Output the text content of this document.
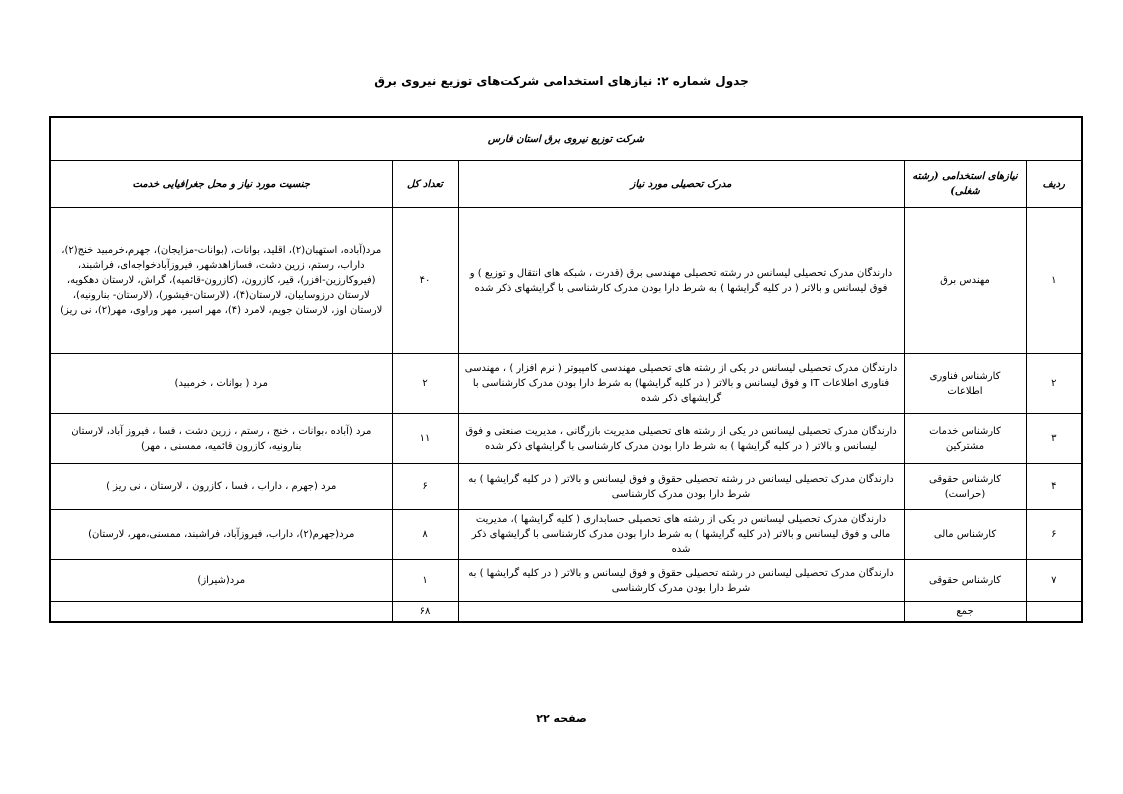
جدول شماره ۲: نیازهای استخدامی شرکت‌های توزیع نیروی برق
شرکت توزیع نیروی برق استان فارس				
ردیف	نیازهای استخدامی (رشته شغلی)	مدرک تحصیلی مورد نیاز	تعداد کل	جنسیت مورد نیاز و محل جغرافیایی خدمت
۱	مهندس برق	دارندگان مدرک تحصیلی لیسانس در رشته تحصیلی مهندسی برق (قدرت ، شبکه های انتقال و توزیع ) و فوق لیسانس و بالاتر ( در کلیه گرایشها ) به شرط دارا بودن مدرک کارشناسی با گرایشهای ذکر شده	۴۰	مرد(آباده، استهبان(۲)، اقلید، بوانات، (بوانات-مزایجان)، جهرم،خرمبید خنج(۲)، داراب، رستم، زرین دشت، فسازاهدشهر، فیروزآبادخواجه‌ای، فراشبند، (فیروکارزین-افزر)، قیر، کازرون، (کازرون-قائمیه)، گراش، لارستان دهکویه، لارستان درزوسایبان، لارستان(۴)، (لارستان-فیشور)، (لارستان- بنارونیه)، لارستان اوز، لارستان جویم، لامرد (۴)، مهر اسیر، مهر وراوی، مهر(۲)، نی ریز)
۲	کارشناس فناوری اطلاعات	دارندگان مدرک تحصیلی لیسانس در یکی از رشته های تحصیلی مهندسی کامپیوتر ( نرم افزار ) ، مهندسی فناوری اطلاعات IT و فوق لیسانس و بالاتر ( در کلیه گرایشها) به شرط دارا بودن مدرک کارشناسی با گرایشهای ذکر شده	۲	مرد ( بوانات ، خرمبید)
۳	کارشناس خدمات مشترکین	دارندگان مدرک تحصیلی لیسانس در یکی از رشته های تحصیلی مدیریت بازرگانی ، مدیریت صنعتی و فوق لیسانس و بالاتر ( در کلیه گرایشها ) به شرط دارا بودن مدرک کارشناسی با گرایشهای ذکر شده	۱۱	مرد (آباده ،بوانات ، خنج ، رستم ، زرین دشت ، فسا ، فیروز آباد، لارستان بنارونیه، کازرون قائمیه، ممسنی ، مهر)
۴	کارشناس حقوقی (حراست)	دارندگان مدرک تحصیلی لیسانس در رشته تحصیلی حقوق و فوق لیسانس و بالاتر ( در کلیه گرایشها ) به شرط دارا بودن مدرک کارشناسی	۶	مرد (جهرم ، داراب ، فسا ، کازرون ، لارستان ، نی ریز )
۶	کارشناس مالی	دارندگان مدرک تحصیلی لیسانس در یکی از رشته های تحصیلی حسابداری ( کلیه گرایشها )، مدیریت مالی و فوق لیسانس و بالاتر (در کلیه گرایشها ) به شرط دارا بودن مدرک کارشناسی با گرایشهای ذکر شده	۸	مرد(جهرم(۲)، داراب، فیروزآباد، فراشبند، ممسنی،مهر، لارستان)
۷	کارشناس حقوقی	دارندگان مدرک تحصیلی لیسانس در رشته تحصیلی حقوق و فوق لیسانس و بالاتر ( در کلیه گرایشها ) به شرط دارا بودن مدرک کارشناسی	۱	مرد(شیراز)
	جمع		۶۸	
صفحه ۲۲
